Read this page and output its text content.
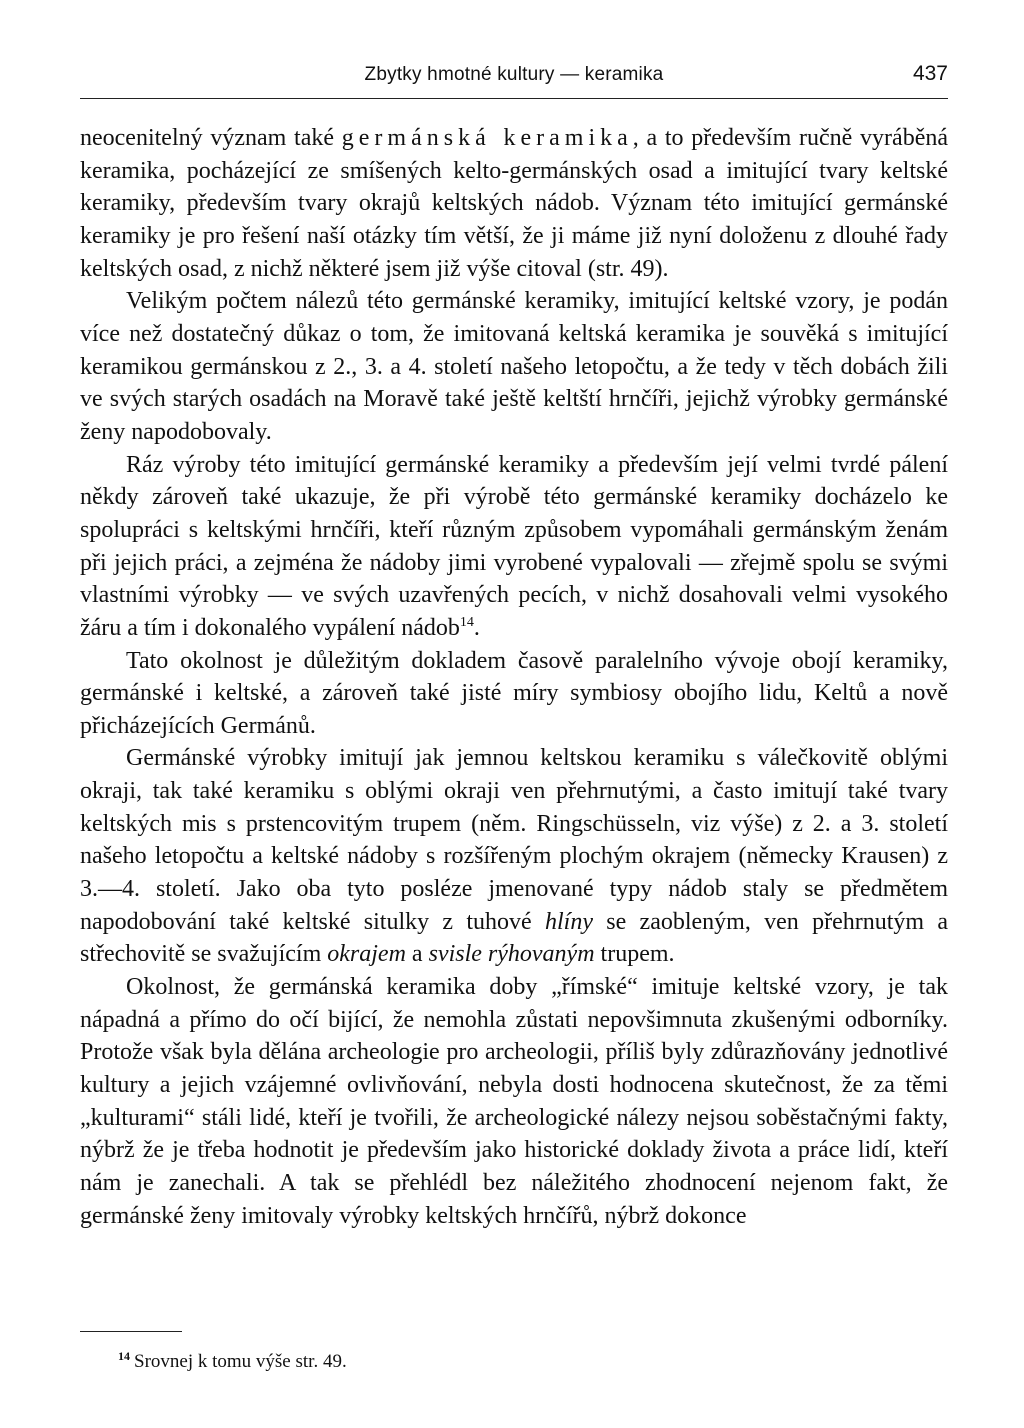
Zbytky hmotné kultury — keramika	437

neocenitelný význam také germánská keramika, a to především ručně vyráběná keramika, pocházející ze smíšených kelto-germánských osad a imitující tvary keltské keramiky, především tvary okrajů keltských nádob. Význam této imitující germánské keramiky je pro řešení naší otázky tím větší, že ji máme již nyní doloženu z dlouhé řady keltských osad, z nichž některé jsem již výše citoval (str. 49).

Velikým počtem nálezů této germánské keramiky, imitující keltské vzory, je podán více než dostatečný důkaz o tom, že imitovaná keltská keramika je souvěká s imitující keramikou germánskou z 2., 3. a 4. století našeho letopočtu, a že tedy v těch dobách žili ve svých starých osadách na Moravě také ještě keltští hrnčíři, jejichž výrobky germánské ženy napodobovaly.

Ráz výroby této imitující germánské keramiky a především její velmi tvrdé pálení někdy zároveň také ukazuje, že při výrobě této germánské keramiky docházelo ke spolupráci s keltskými hrnčíři, kteří různým způsobem vypomáhali germánským ženám při jejich práci, a zejména že nádoby jimi vyrobené vypalovali — zřejmě spolu se svými vlastními výrobky — ve svých uzavřených pecích, v nichž dosahovali velmi vysokého žáru a tím i dokonalého vypálení nádob$^{14}$.

Tato okolnost je důležitým dokladem časově paralelního vývoje obojí keramiky, germánské i keltské, a zároveň také jisté míry symbiosy obojího lidu, Keltů a nově přicházejících Germánů.

Germánské výrobky imitují jak jemnou keltskou keramiku s válečkovitě oblými okraji, tak také keramiku s oblými okraji ven přehrnutými, a často imitují také tvary keltských mis s prstencovitým trupem (něm. Ringschüsseln, viz výše) z 2. a 3. století našeho letopočtu a keltské nádoby s rozšířeným plochým okrajem (německy Krausen) z 3.—4. století. Jako oba tyto posléze jmenované typy nádob staly se předmětem napodobování také keltské situlky z tuhové hlíny se zaobleným, ven přehrnutým a střechovitě se svažujícím okrajem a svisle rýhovaným trupem.

Okolnost, že germánská keramika doby „římské“ imituje keltské vzory, je tak nápadná a přímo do očí bijící, že nemohla zůstati nepovšimnuta zkušenými odborníky. Protože však byla dělána archeologie pro archeologii, příliš byly zdůrazňovány jednotlivé kultury a jejich vzájemné ovlivňování, nebyla dosti hodnocena skutečnost, že za těmi „kulturami“ stáli lidé, kteří je tvořili, že archeologické nálezy nejsou soběstačnými fakty, nýbrž že je třeba hodnotit je především jako historické doklady života a práce lidí, kteří nám je zanechali. A tak se přehlédl bez náležitého zhodnocení nejenom fakt, že germánské ženy imitovaly výrobky keltských hrnčířů, nýbrž dokonce

$^{14}$ Srovnej k tomu výše str. 49.
